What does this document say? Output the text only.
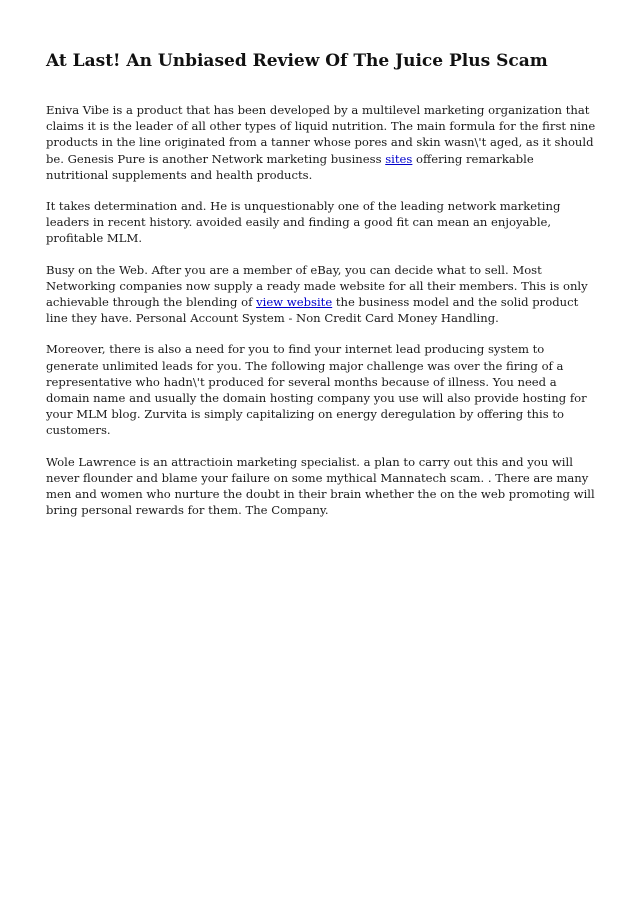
At Last! An Unbiased Review Of The Juice Plus Scam

Eniva Vibe is a product that has been developed by a multilevel marketing organization that claims it is the leader of all other types of liquid nutrition. The main formula for the first nine products in the line originated from a tanner whose pores and skin wasn\'t aged, as it should be. Genesis Pure is another Network marketing business sites offering remarkable nutritional supplements and health products.

It takes determination and. He is unquestionably one of the leading network marketing leaders in recent history. avoided easily and finding a good fit can mean an enjoyable, profitable MLM.

Busy on the Web. After you are a member of eBay, you can decide what to sell. Most Networking companies now supply a ready made website for all their members. This is only achievable through the blending of view website the business model and the solid product line they have. Personal Account System - Non Credit Card Money Handling.

Moreover, there is also a need for you to find your internet lead producing system to generate unlimited leads for you. The following major challenge was over the firing of a representative who hadn\'t produced for several months because of illness. You need a domain name and usually the domain hosting company you use will also provide hosting for your MLM blog. Zurvita is simply capitalizing on energy deregulation by offering this to customers.

Wole Lawrence is an attractioin marketing specialist. a plan to carry out this and you will never flounder and blame your failure on some mythical Mannatech scam. . There are many men and women who nurture the doubt in their brain whether the on the web promoting will bring personal rewards for them. The Company.
